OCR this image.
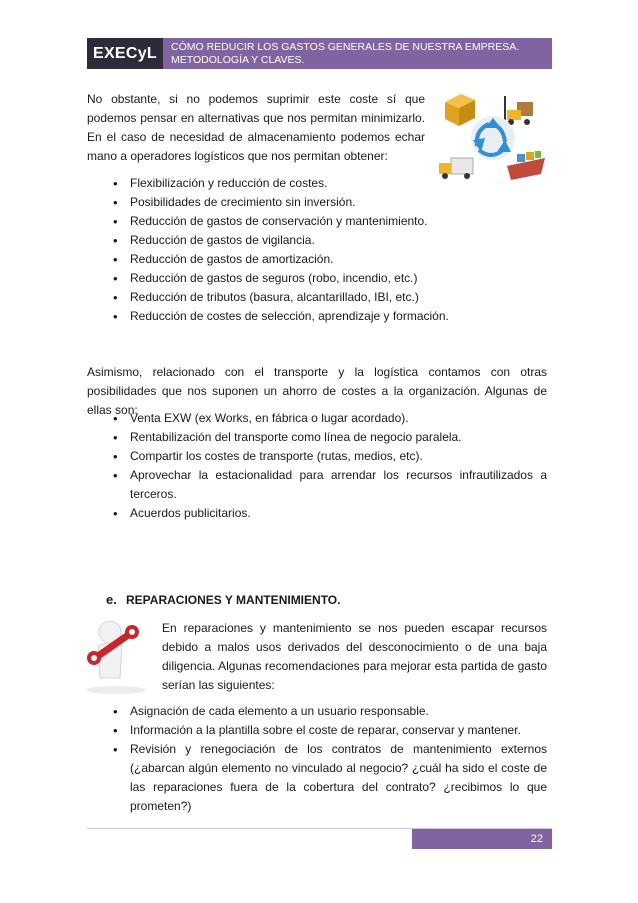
EXECyL	CÓMO REDUCIR LOS GASTOS GENERALES DE NUESTRA EMPRESA.
METODOLOGÍA Y CLAVES.
No obstante, si no podemos suprimir este coste sí que podemos pensar en alternativas que nos permitan minimizarlo. En el caso de necesidad de almacenamiento podemos echar mano a operadores logísticos que nos permitan obtener:
• Flexibilización y reducción de costes.
• Posibilidades de crecimiento sin inversión.
• Reducción de gastos de conservación y mantenimiento.
• Reducción de gastos de vigilancia.
• Reducción de gastos de amortización.
• Reducción de gastos de seguros (robo, incendio, etc.)
• Reducción de tributos (basura, alcantarillado, IBI, etc.)
• Reducción de costes de selección, aprendizaje y formación.
Asimismo, relacionado con el transporte y la logística contamos con otras posibilidades que nos suponen un ahorro de costes a la organización. Algunas de ellas son:
• Venta EXW (ex Works, en fábrica o lugar acordado).
• Rentabilización del transporte como línea de negocio paralela.
• Compartir los costes de transporte (rutas, medios, etc).
• Aprovechar la estacionalidad para arrendar los recursos infrautilizados a terceros.
• Acuerdos publicitarios.
e. REPARACIONES Y MANTENIMIENTO.
En reparaciones y mantenimiento se nos pueden escapar recursos debido a malos usos derivados del desconocimiento o de una baja diligencia. Algunas recomendaciones para mejorar esta partida de gasto serían las siguientes:
• Asignación de cada elemento a un usuario responsable.
• Información a la plantilla sobre el coste de reparar, conservar y mantener.
• Revisión y renegociación de los contratos de mantenimiento externos (¿abarcan algún elemento no vinculado al negocio? ¿cuál ha sido el coste de las reparaciones fuera de la cobertura del contrato? ¿recibimos lo que prometen?)
22
